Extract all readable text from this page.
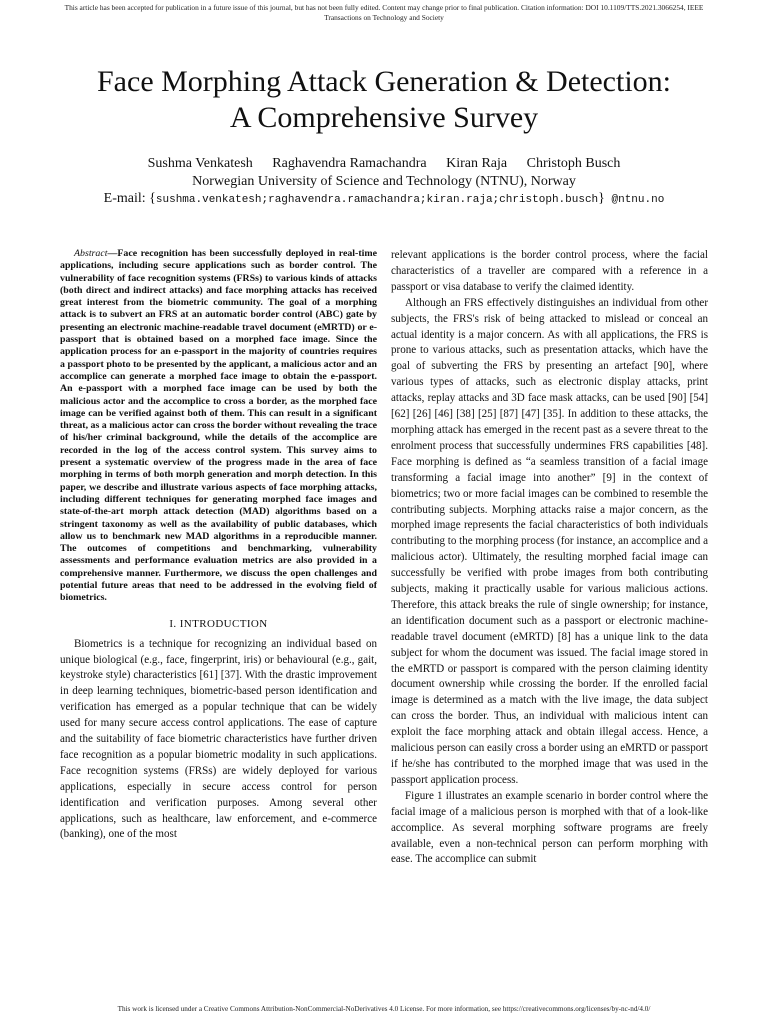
This article has been accepted for publication in a future issue of this journal, but has not been fully edited. Content may change prior to final publication. Citation information: DOI 10.1109/TTS.2021.3066254, IEEE
Transactions on Technology and Society
Face Morphing Attack Generation & Detection:
A Comprehensive Survey
Sushma Venkatesh Raghavendra Ramachandra Kiran Raja Christoph Busch
Norwegian University of Science and Technology (NTNU), Norway
E-mail: {sushma.venkatesh;raghavendra.ramachandra;kiran.raja;christoph.busch} @ntnu.no

Abstract—Face recognition has been successfully deployed in real-time applications, including secure applications such as border control. The vulnerability of face recognition systems (FRSs) to various kinds of attacks (both direct and indirect attacks) and face morphing attacks has received great interest from the biometric community. The goal of a morphing attack is to subvert an FRS at an automatic border control (ABC) gate by presenting an electronic machine-readable travel document (eMRTD) or e-passport that is obtained based on a morphed face image. Since the application process for an e-passport in the majority of countries requires a passport photo to be presented by the applicant, a malicious actor and an accomplice can generate a morphed face image to obtain the e-passport. An e-passport with a morphed face image can be used by both the malicious actor and the accomplice to cross a border, as the morphed face image can be verified against both of them. This can result in a significant threat, as a malicious actor can cross the border without revealing the trace of his/her criminal background, while the details of the accomplice are recorded in the log of the access control system. This survey aims to present a systematic overview of the progress made in the area of face morphing in terms of both morph generation and morph detection. In this paper, we describe and illustrate various aspects of face morphing attacks, including different techniques for generating morphed face images and state-of-the-art morph attack detection (MAD) algorithms based on a stringent taxonomy as well as the availability of public databases, which allow us to benchmark new MAD algorithms in a reproducible manner. The outcomes of competitions and benchmarking, vulnerability assessments and performance evaluation metrics are also provided in a comprehensive manner. Furthermore, we discuss the open challenges and potential future areas that need to be addressed in the evolving field of biometrics.

I. INTRODUCTION

Biometrics is a technique for recognizing an individual based on unique biological (e.g., face, fingerprint, iris) or behavioural (e.g., gait, keystroke style) characteristics [61] [37]. With the drastic improvement in deep learning techniques, biometric-based person identification and verification has emerged as a popular technique that can be widely used for many secure access control applications. The ease of capture and the suitability of face biometric characteristics have further driven face recognition as a popular biometric modality in such applications. Face recognition systems (FRSs) are widely deployed for various applications, especially in secure access control for person identification and verification purposes. Among several other applications, such as healthcare, law enforcement, and e-commerce (banking), one of the most

relevant applications is the border control process, where the facial characteristics of a traveller are compared with a reference in a passport or visa database to verify the claimed identity.

Although an FRS effectively distinguishes an individual from other subjects, the FRS's risk of being attacked to mislead or conceal an actual identity is a major concern. As with all applications, the FRS is prone to various attacks, such as presentation attacks, which have the goal of subverting the FRS by presenting an artefact [90], where various types of attacks, such as electronic display attacks, print attacks, replay attacks and 3D face mask attacks, can be used [90] [54] [62] [26] [46] [38] [25] [87] [47] [35]. In addition to these attacks, the morphing attack has emerged in the recent past as a severe threat to the enrolment process that successfully undermines FRS capabilities [48]. Face morphing is defined as “a seamless transition of a facial image transforming a facial image into another” [9] in the context of biometrics; two or more facial images can be combined to resemble the contributing subjects. Morphing attacks raise a major concern, as the morphed image represents the facial characteristics of both individuals contributing to the morphing process (for instance, an accomplice and a malicious actor). Ultimately, the resulting morphed facial image can successfully be verified with probe images from both contributing subjects, making it practically usable for various malicious actions. Therefore, this attack breaks the rule of single ownership; for instance, an identification document such as a passport or electronic machine-readable travel document (eMRTD) [8] has a unique link to the data subject for whom the document was issued. The facial image stored in the eMRTD or passport is compared with the person claiming identity document ownership while crossing the border. If the enrolled facial image is determined as a match with the live image, the data subject can cross the border. Thus, an individual with malicious intent can exploit the face morphing attack and obtain illegal access. Hence, a malicious person can easily cross a border using an eMRTD or passport if he/she has contributed to the morphed image that was used in the passport application process.

Figure 1 illustrates an example scenario in border control where the facial image of a malicious person is morphed with that of a look-like accomplice. As several morphing software programs are freely available, even a non-technical person can perform morphing with ease. The accomplice can submit

This work is licensed under a Creative Commons Attribution-NonCommercial-NoDerivatives 4.0 License. For more information, see https://creativecommons.org/licenses/by-nc-nd/4.0/
